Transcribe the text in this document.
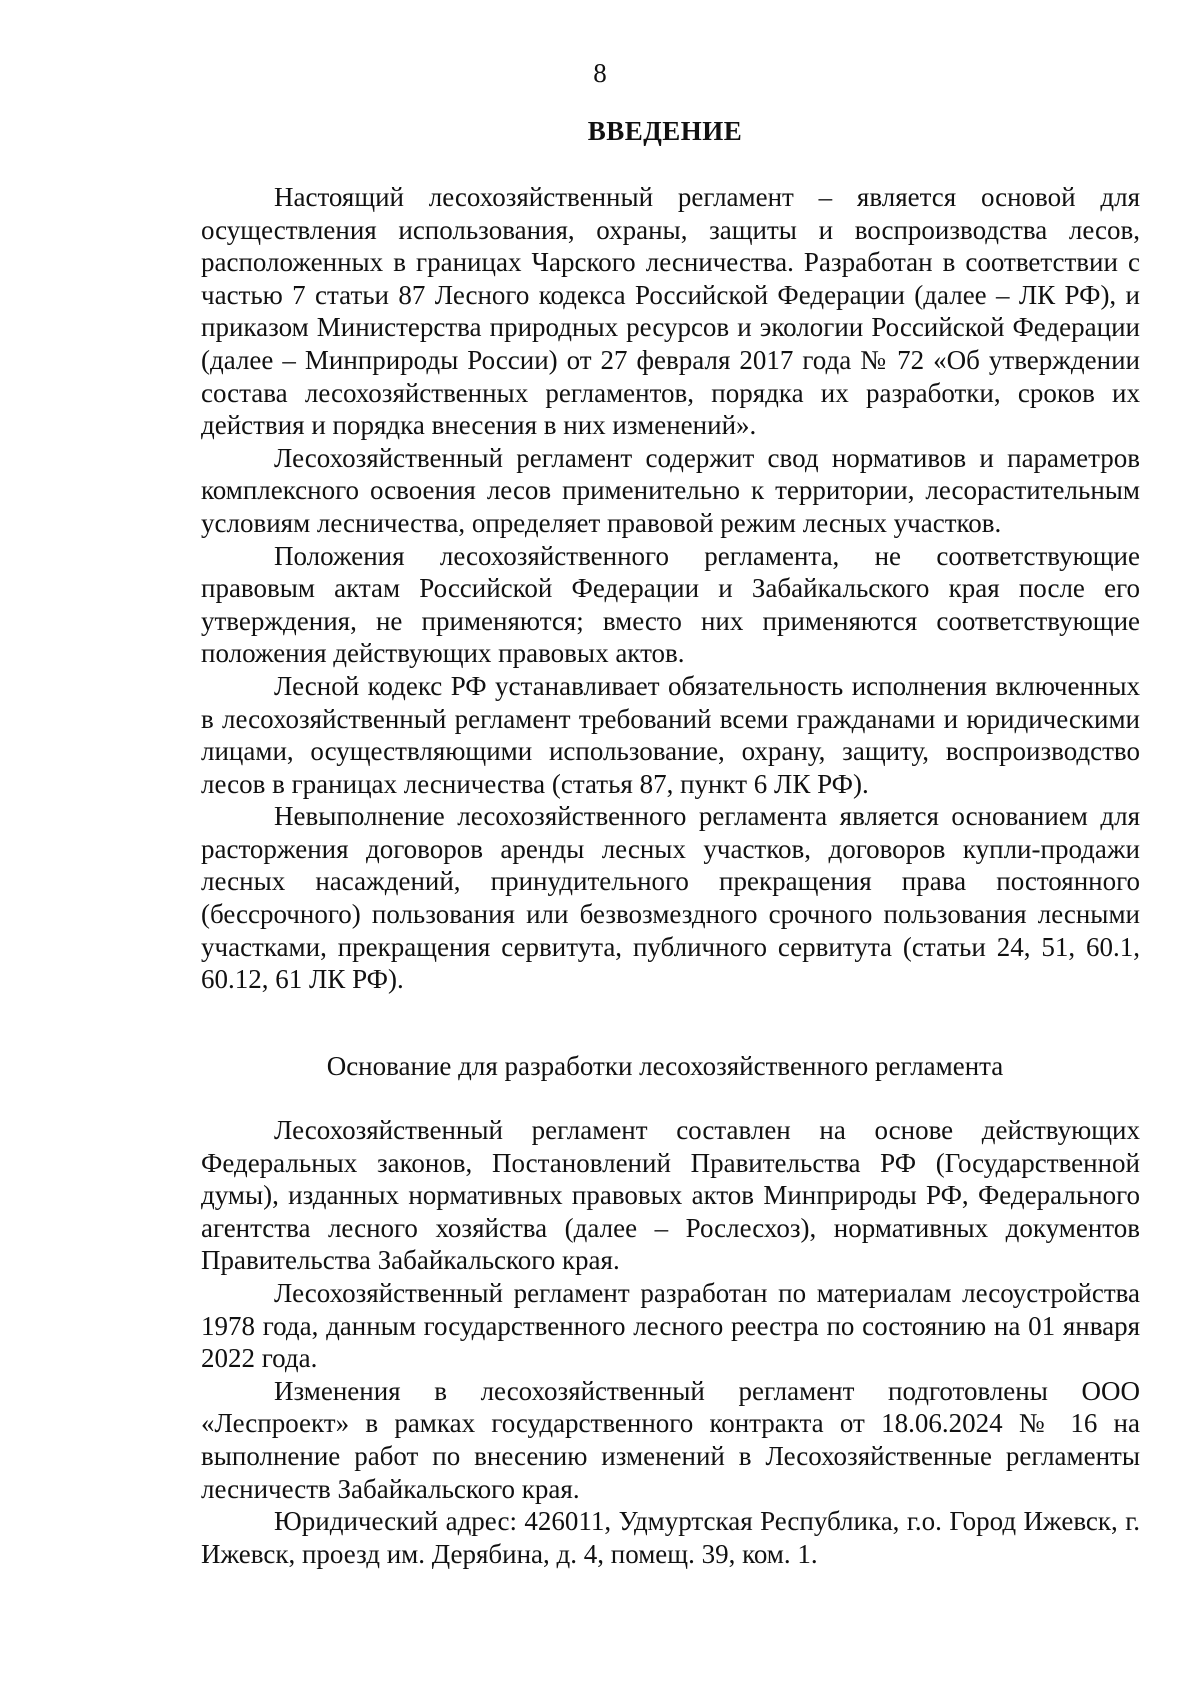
8
ВВЕДЕНИЕ

Настоящий лесохозяйственный регламент – является основой для осуществления использования, охраны, защиты и воспроизводства лесов, расположенных в границах Чарского лесничества. Разработан в соответствии с частью 7 статьи 87 Лесного кодекса Российской Федерации (далее – ЛК РФ), и приказом Министерства природных ресурсов и экологии Российской Федерации (далее – Минприроды России) от 27 февраля 2017 года № 72 «Об утверждении состава лесохозяйственных регламентов, порядка их разработки, сроков их действия и порядка внесения в них изменений».

Лесохозяйственный регламент содержит свод нормативов и параметров комплексного освоения лесов применительно к территории, лесорастительным условиям лесничества, определяет правовой режим лесных участков.

Положения лесохозяйственного регламента, не соответствующие правовым актам Российской Федерации и Забайкальского края после его утверждения, не применяются; вместо них применяются соответствующие положения действующих правовых актов.

Лесной кодекс РФ устанавливает обязательность исполнения включенных в лесохозяйственный регламент требований всеми гражданами и юридическими лицами, осуществляющими использование, охрану, защиту, воспроизводство лесов в границах лесничества (статья 87, пункт 6 ЛК РФ).

Невыполнение лесохозяйственного регламента является основанием для расторжения договоров аренды лесных участков, договоров купли-продажи лесных насаждений, принудительного прекращения права постоянного (бессрочного) пользования или безвозмездного срочного пользования лесными участками, прекращения сервитута, публичного сервитута (статьи 24, 51, 60.1, 60.12, 61 ЛК РФ).

Основание для разработки лесохозяйственного регламента

Лесохозяйственный регламент составлен на основе действующих Федеральных законов, Постановлений Правительства РФ (Государственной думы), изданных нормативных правовых актов Минприроды РФ, Федерального агентства лесного хозяйства (далее – Рослесхоз), нормативных документов Правительства Забайкальского края.

Лесохозяйственный регламент разработан по материалам лесоустройства 1978 года, данным государственного лесного реестра по состоянию на 01 января 2022 года.

Изменения в лесохозяйственный регламент подготовлены ООО «Леспроект» в рамках государственного контракта от 18.06.2024 № 16 на выполнение работ по внесению изменений в Лесохозяйственные регламенты лесничеств Забайкальского края.

Юридический адрес: 426011, Удмуртская Республика, г.о. Город Ижевск, г. Ижевск, проезд им. Дерябина, д. 4, помещ. 39, ком. 1.
